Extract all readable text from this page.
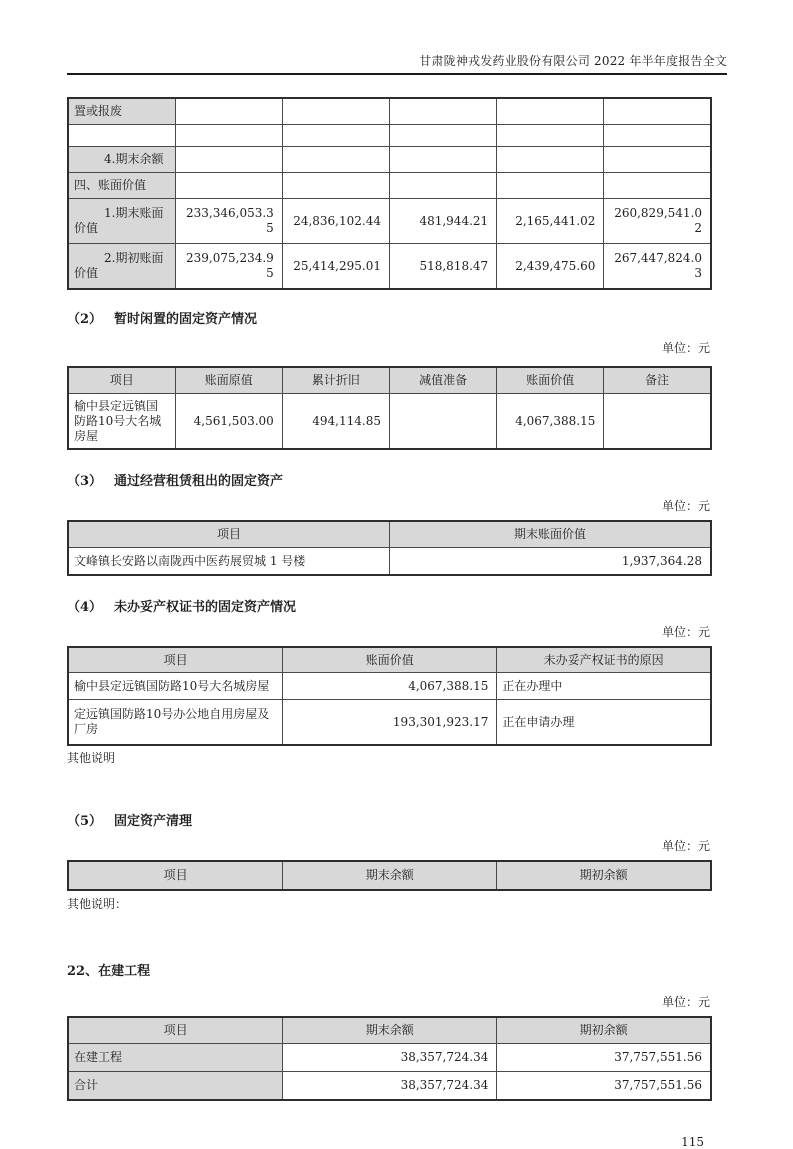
甘肃陇神戎发药业股份有限公司 2022 年半年度报告全文
置或报废					

4.期末余额					
四、账面价值					
1.期末账面价值	233,346,053.35	24,836,102.44	481,944.21	2,165,441.02	260,829,541.02
2.期初账面价值	239,075,234.95	25,414,295.01	518,818.47	2,439,475.60	267,447,824.03
（2） 暂时闲置的固定资产情况
单位：元
项目	账面原值	累计折旧	减值准备	账面价值	备注
榆中县定远镇国防路10号大名城房屋	4,561,503.00	494,114.85		4,067,388.15	
（3） 通过经营租赁租出的固定资产
单位：元
项目	期末账面价值
文峰镇长安路以南陇西中医药展贸城 1 号楼	1,937,364.28
（4） 未办妥产权证书的固定资产情况
单位：元
项目	账面价值	未办妥产权证书的原因
榆中县定远镇国防路10号大名城房屋	4,067,388.15	正在办理中
定远镇国防路10号办公地自用房屋及厂房	193,301,923.17	正在申请办理
其他说明
（5） 固定资产清理
单位：元
项目	期末余额	期初余额
其他说明：
22、在建工程
单位：元
项目	期末余额	期初余额
在建工程	38,357,724.34	37,757,551.56
合计	38,357,724.34	37,757,551.56
115
